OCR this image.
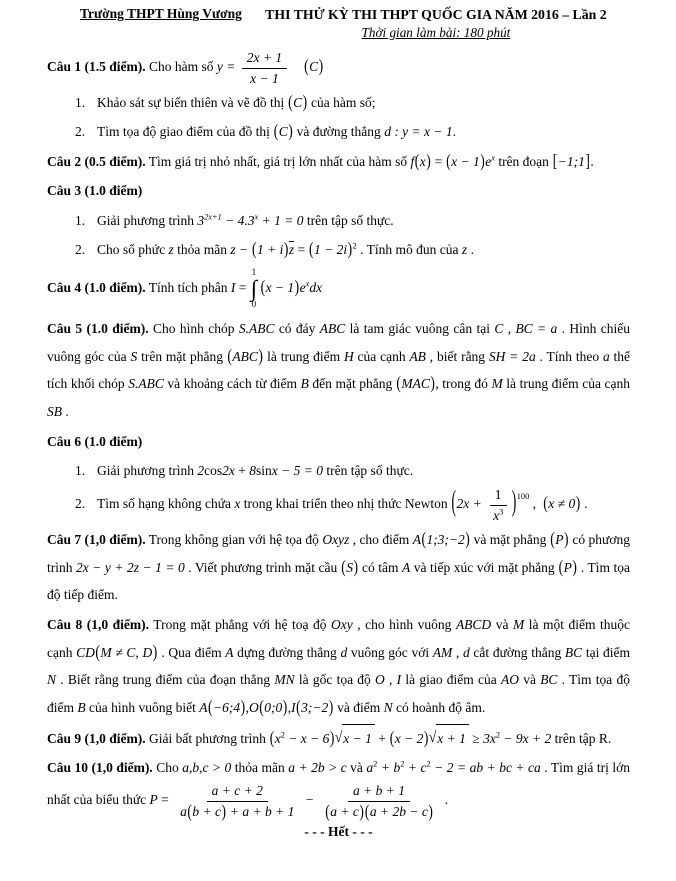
Trường THPT Hùng Vương	THI THỬ KỲ THI THPT QUỐC GIA NĂM 2016 – Lần 2
Thời gian làm bài: 180 phút

Câu 1 (1.5 điểm). Cho hàm số $y = \frac{2x + 1}{x - 1} (C)$

Khảo sát sự biến thiên và vẽ đồ thị (C) của hàm số;
Tìm tọa độ giao điểm của đồ thị (C) và đường thẳng d : y = x − 1.

Câu 2 (0.5 điểm). Tìm giá trị nhỏ nhất, giá trị lớn nhất của hàm số $f(x) = (x - 1)e^x$ trên đoạn [−1;1].

Câu 3 (1.0 điểm)

Giải phương trình $3^{2x+1} - 4.3^x + 1 = 0$ trên tập số thực.
Cho số phức z thỏa mãn $z - (1 + i)\overline{z} = (1 - 2i)^2$ . Tính mô đun của z .

Câu 4 (1.0 điểm). Tính tích phân I =
1
∫
0
$(x - 1)e^xdx$

Câu 5 (1.0 điểm). Cho hình chóp S.ABC có đáy ABC là tam giác vuông cân tại C , BC = a . Hình chiếu vuông góc của S trên mặt phẳng (ABC) là trung điểm H của cạnh AB , biết rằng SH = 2a . Tính theo a thể tích khối chóp S.ABC và khoảng cách từ điểm B đến mặt phẳng (MAC), trong đó M là trung điểm của cạnh SB .

Câu 6 (1.0 điểm)

Giải phương trình 2cos2x + 8sinx − 5 = 0 trên tập số thực.
Tìm số hạng không chứa x trong khai triển theo nhị thức Newton $(2x + \frac{1}{x^3} )^{100}$ ,  (x ≠ 0) .

Câu 7 (1,0 điểm). Trong không gian với hệ tọa độ Oxyz , cho điểm A(1;3;−2) và mặt phẳng (P) có phương trình 2x − y + 2z − 1 = 0 . Viết phương trình mặt cầu (S) có tâm A và tiếp xúc với mặt phẳng (P) . Tìm tọa độ tiếp điểm.

Câu 8 (1,0 điểm). Trong mặt phẳng với hệ toạ độ Oxy , cho hình vuông ABCD và M là một điểm thuộc cạnh CD(M ≠ C, D) . Qua điểm A dựng đường thẳng d vuông góc với AM , d cắt đường thẳng BC tại điểm N . Biết rằng trung điểm của đoạn thẳng MN là gốc tọa độ O , I là giao điểm của AO và BC . Tìm tọa độ điểm B của hình vuông biết A(−6;4),O(0;0),I(3;−2) và điểm N có hoành độ âm.

Câu 9 (1,0 điểm). Giải bất phương trình $(x^2 - x - 6)√x - 1 + (x - 2)√x + 1 \ge 3x^2 - 9x + 2$ trên tập R.

Câu 10 (1,0 điểm). Cho a,b,c > 0 thỏa mãn a + 2b > c và $a^2 + b^2 + c^2 - 2$ = ab + bc + ca . Tìm giá trị lớn nhất của biểu thức $P = \frac{a + c + 2}{a(b + c) + a + b + 1} - \frac{a + b + 1}{(a + c)(a + 2b - c)}$ .

- - - Hết - - -
